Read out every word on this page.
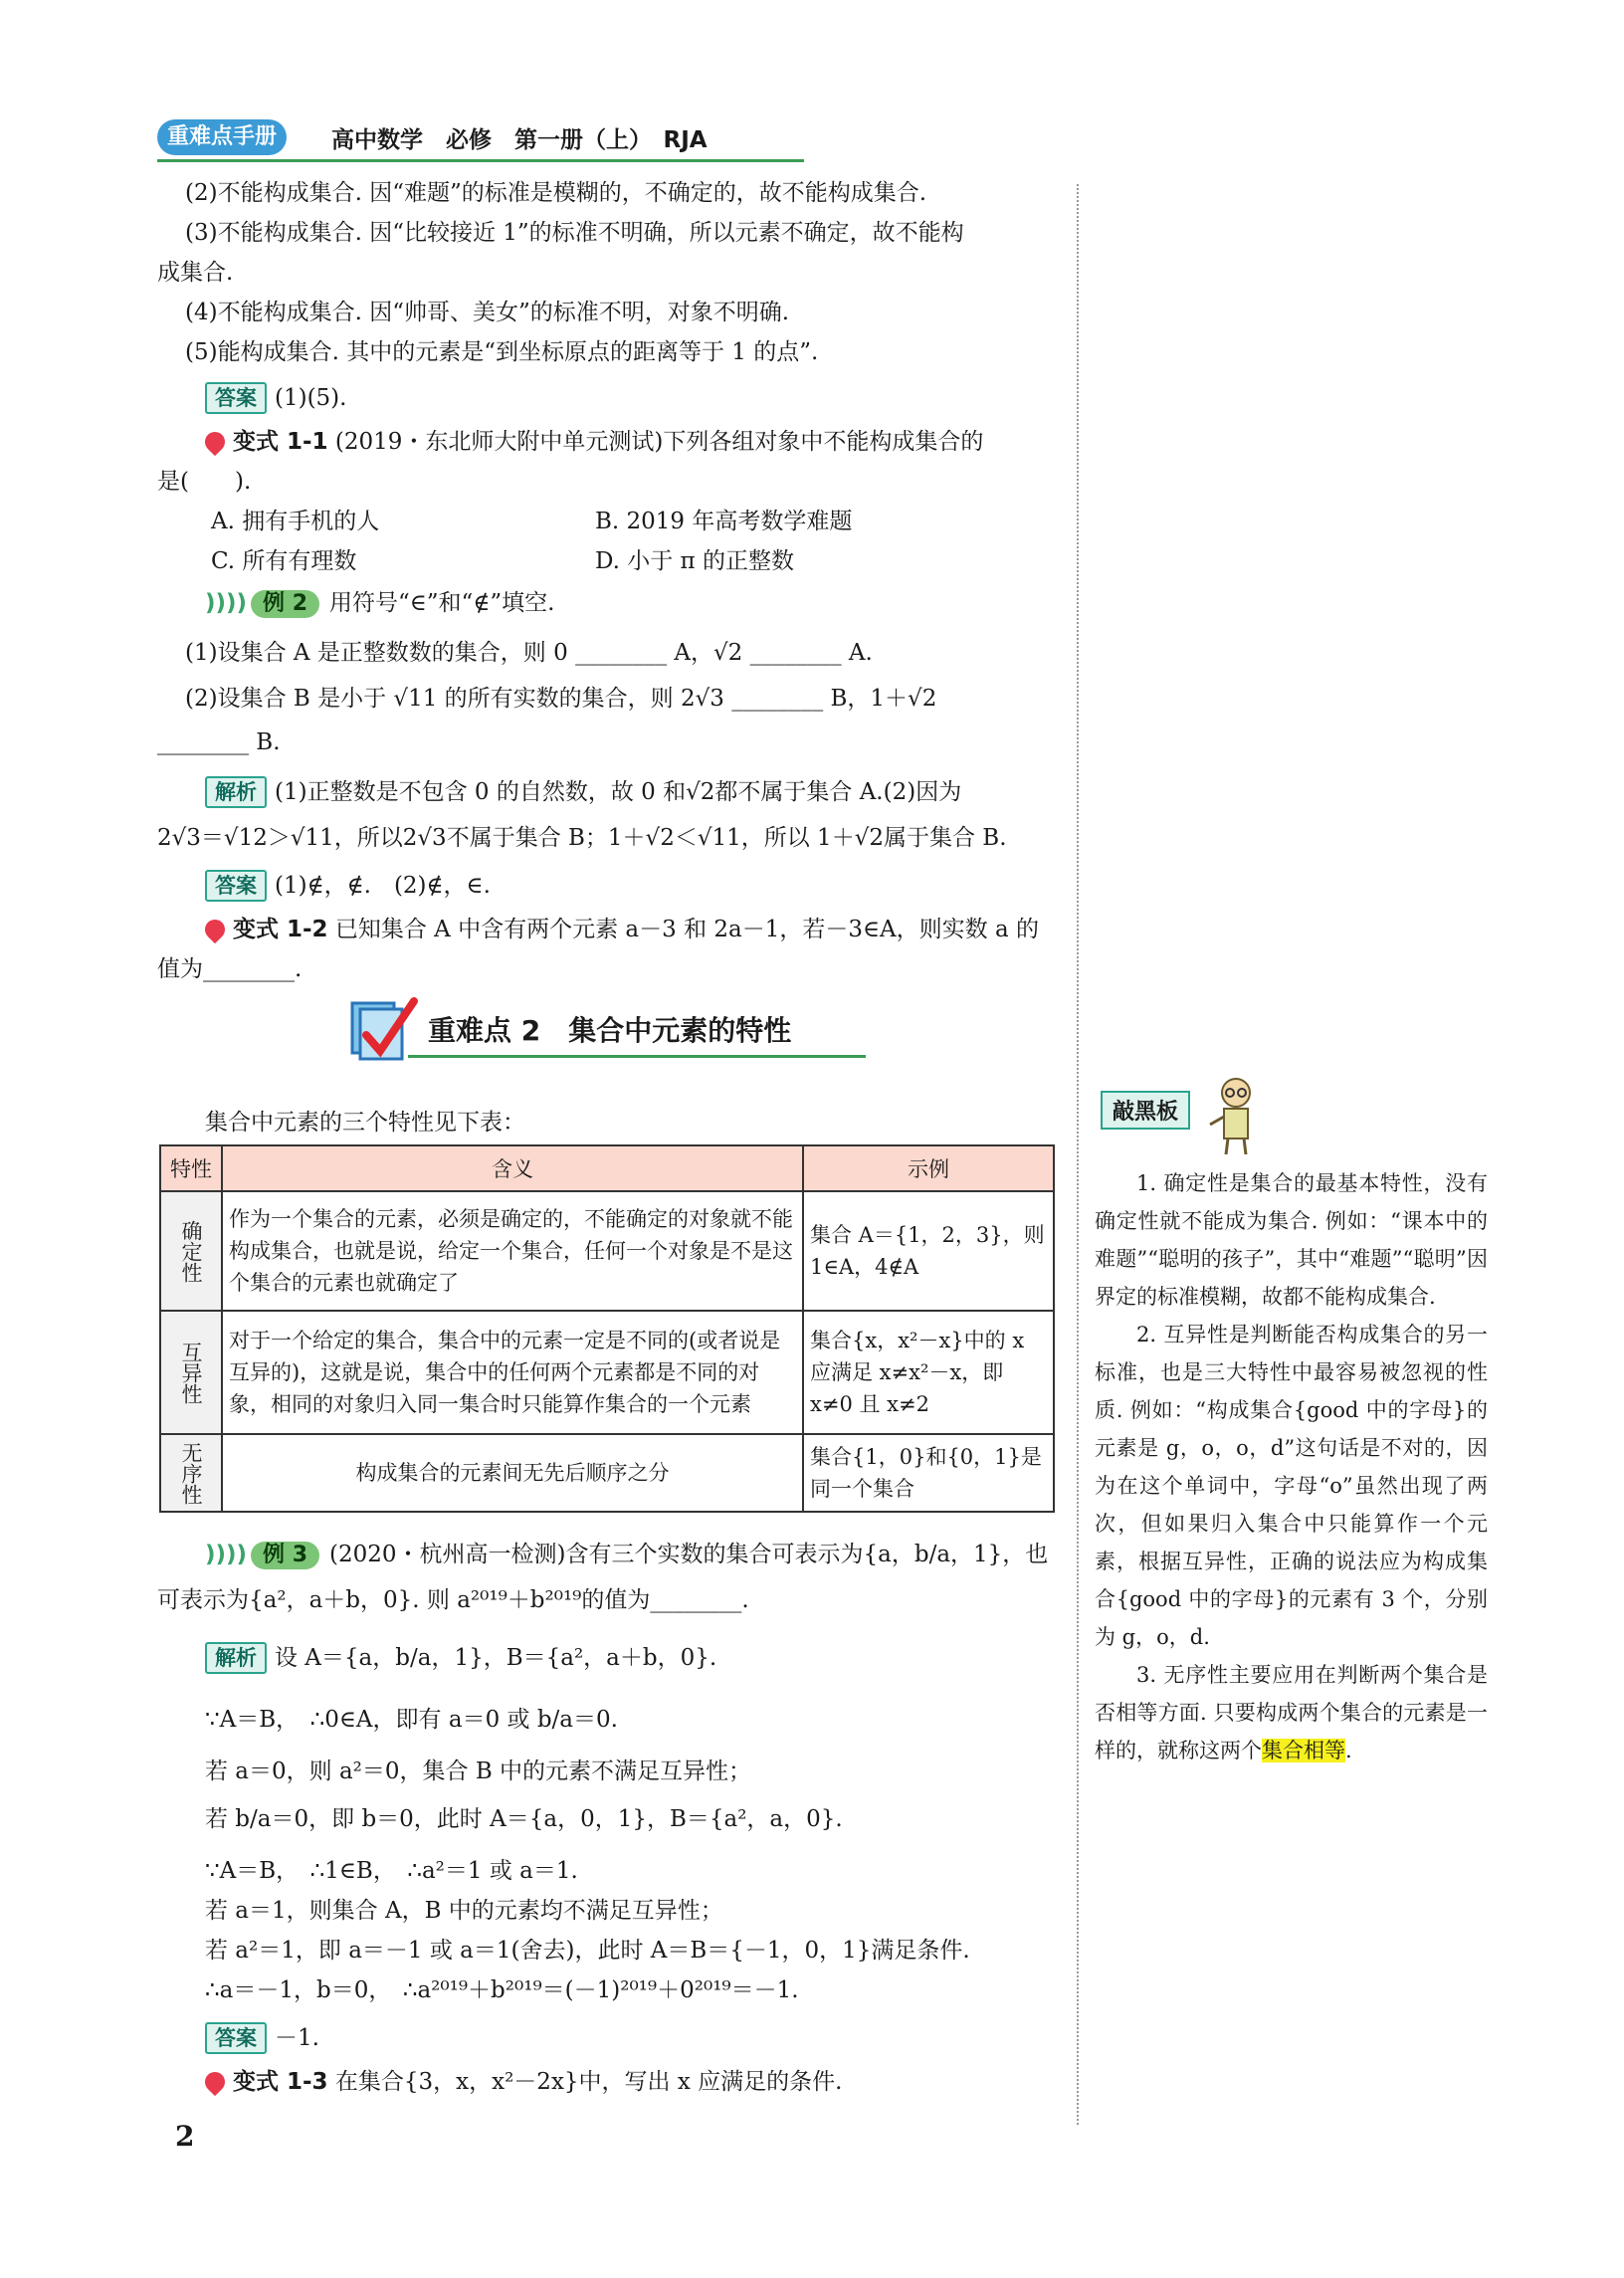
重难点手册	高中数学　必修　第一册（上）　RJA
(2)不能构成集合. 因“难题”的标准是模糊的，不确定的，故不能构成集合.
(3)不能构成集合. 因“比较接近 1”的标准不明确，所以元素不确定，故不能构
成集合.
(4)不能构成集合. 因“帅哥、美女”的标准不明，对象不明确.
(5)能构成集合. 其中的元素是“到坐标原点的距离等于 1 的点”.
答案 (1)(5).
变式 1-1 (2019・东北师大附中单元测试)下列各组对象中不能构成集合的
是(　　).
A. 拥有手机的人	B. 2019 年高考数学难题
C. 所有有理数	D. 小于 π 的正整数
)))) 例 2 用符号“∈”和“∉”填空.
(1)设集合 A 是正整数数的集合，则 0 ________ A，√2 ________ A.
(2)设集合 B 是小于 √11 的所有实数的集合，则 2√3 ________ B，1＋√2
________ B.
解析 (1)正整数是不包含 0 的自然数，故 0 和√2都不属于集合 A.(2)因为
2√3＝√12＞√11，所以2√3不属于集合 B；1＋√2＜√11，所以 1＋√2属于集合 B.
答案 (1)∉，∉.　(2)∉，∈.
变式 1-2 已知集合 A 中含有两个元素 a－3 和 2a－1，若－3∈A，则实数 a 的
值为________.
重难点 2　集合中元素的特性
集合中元素的三个特性见下表：
特性	含义	示例
确定性	作为一个集合的元素，必须是确定的，不能确定的对象就不能构成集合，也就是说，给定一个集合，任何一个对象是不是这个集合的元素也就确定了	集合 A＝{1，2，3}，则1∈A，4∉A
互异性	对于一个给定的集合，集合中的元素一定是不同的(或者说是互异的)，这就是说，集合中的任何两个元素都是不同的对象，相同的对象归入同一集合时只能算作集合的一个元素	集合{x，x²－x}中的 x 应满足 x≠x²－x，即 x≠0 且 x≠2
无序性	构成集合的元素间无先后顺序之分	集合{1，0}和{0，1}是同一个集合
)))) 例 3 (2020・杭州高一检测)含有三个实数的集合可表示为{a，b/a，1}，也
可表示为{a²，a＋b，0}. 则 a²⁰¹⁹＋b²⁰¹⁹的值为________.
解析 设 A＝{a，b/a，1}，B＝{a²，a＋b，0}.
∵A＝B，　∴0∈A，即有 a＝0 或 b/a＝0.
若 a＝0，则 a²＝0，集合 B 中的元素不满足互异性；
若 b/a＝0，即 b＝0，此时 A＝{a，0，1}，B＝{a²，a，0}.
∵A＝B，　∴1∈B，　∴a²＝1 或 a＝1.
若 a＝1，则集合 A，B 中的元素均不满足互异性；
若 a²＝1，即 a＝－1 或 a＝1(舍去)，此时 A＝B＝{－1，0，1}满足条件.
∴a＝－1，b＝0，　∴a²⁰¹⁹＋b²⁰¹⁹＝(－1)²⁰¹⁹＋0²⁰¹⁹＝－1.
答案 －1.
变式 1-3 在集合{3，x，x²－2x}中，写出 x 应满足的条件.
敲黑板

1. 确定性是集合的最基本特性，没有确定性就不能成为集合. 例如：“课本中的难题”“聪明的孩子”，其中“难题”“聪明”因界定的标准模糊，故都不能构成集合.

2. 互异性是判断能否构成集合的另一标准，也是三大特性中最容易被忽视的性质. 例如：“构成集合{good 中的字母}的元素是 g，o，o，d”这句话是不对的，因为在这个单词中，字母“o”虽然出现了两次，但如果归入集合中只能算作一个元素，根据互异性，正确的说法应为构成集合{good 中的字母}的元素有 3 个，分别为 g，o，d.

3. 无序性主要应用在判断两个集合是否相等方面. 只要构成两个集合的元素是一样的，就称这两个集合相等.

2
